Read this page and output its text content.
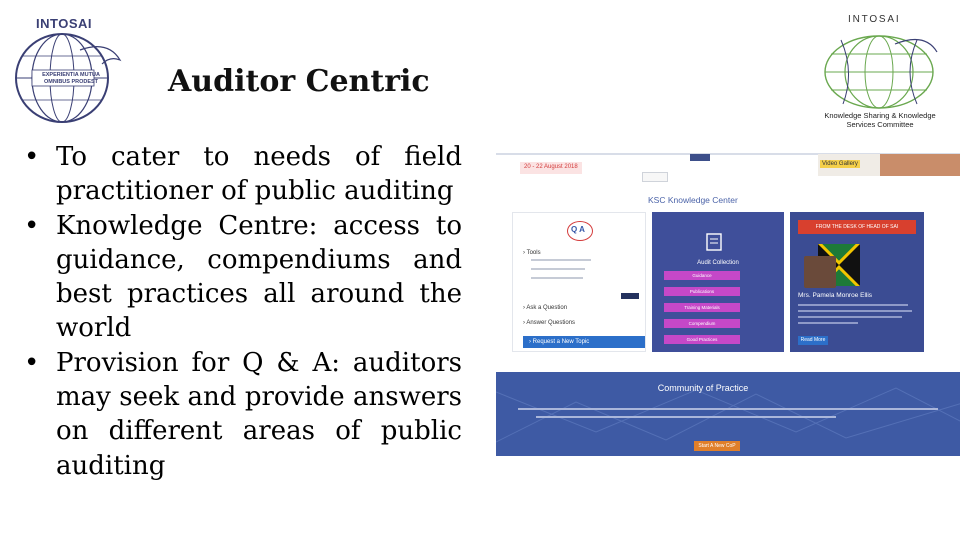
INTOSAI
EXPERIENTIA MUTUA OMNIBUS PRODEST
INTOSAI
Knowledge Sharing & Knowledge
Services Committee
Auditor Centric
• To cater to needs of field practitioner of public auditing
• Knowledge Centre: access to guidance, compendiums and best practices all around the world
• Provision for Q & A: auditors may seek and provide answers on different areas of public auditing
20 - 22 August 2018	Video Gallery
KSC Knowledge Center
Q A
› Tools
› Ask a Question
› Answer Questions
› Request a New Topic
Audit Collection
Guidance
Publications
Training Materials
Compendium
Good Practices
FROM THE DESK OF HEAD OF SAI
Mrs. Pamela Monroe Ellis
Read More
Community of Practice
Start A New CoP
